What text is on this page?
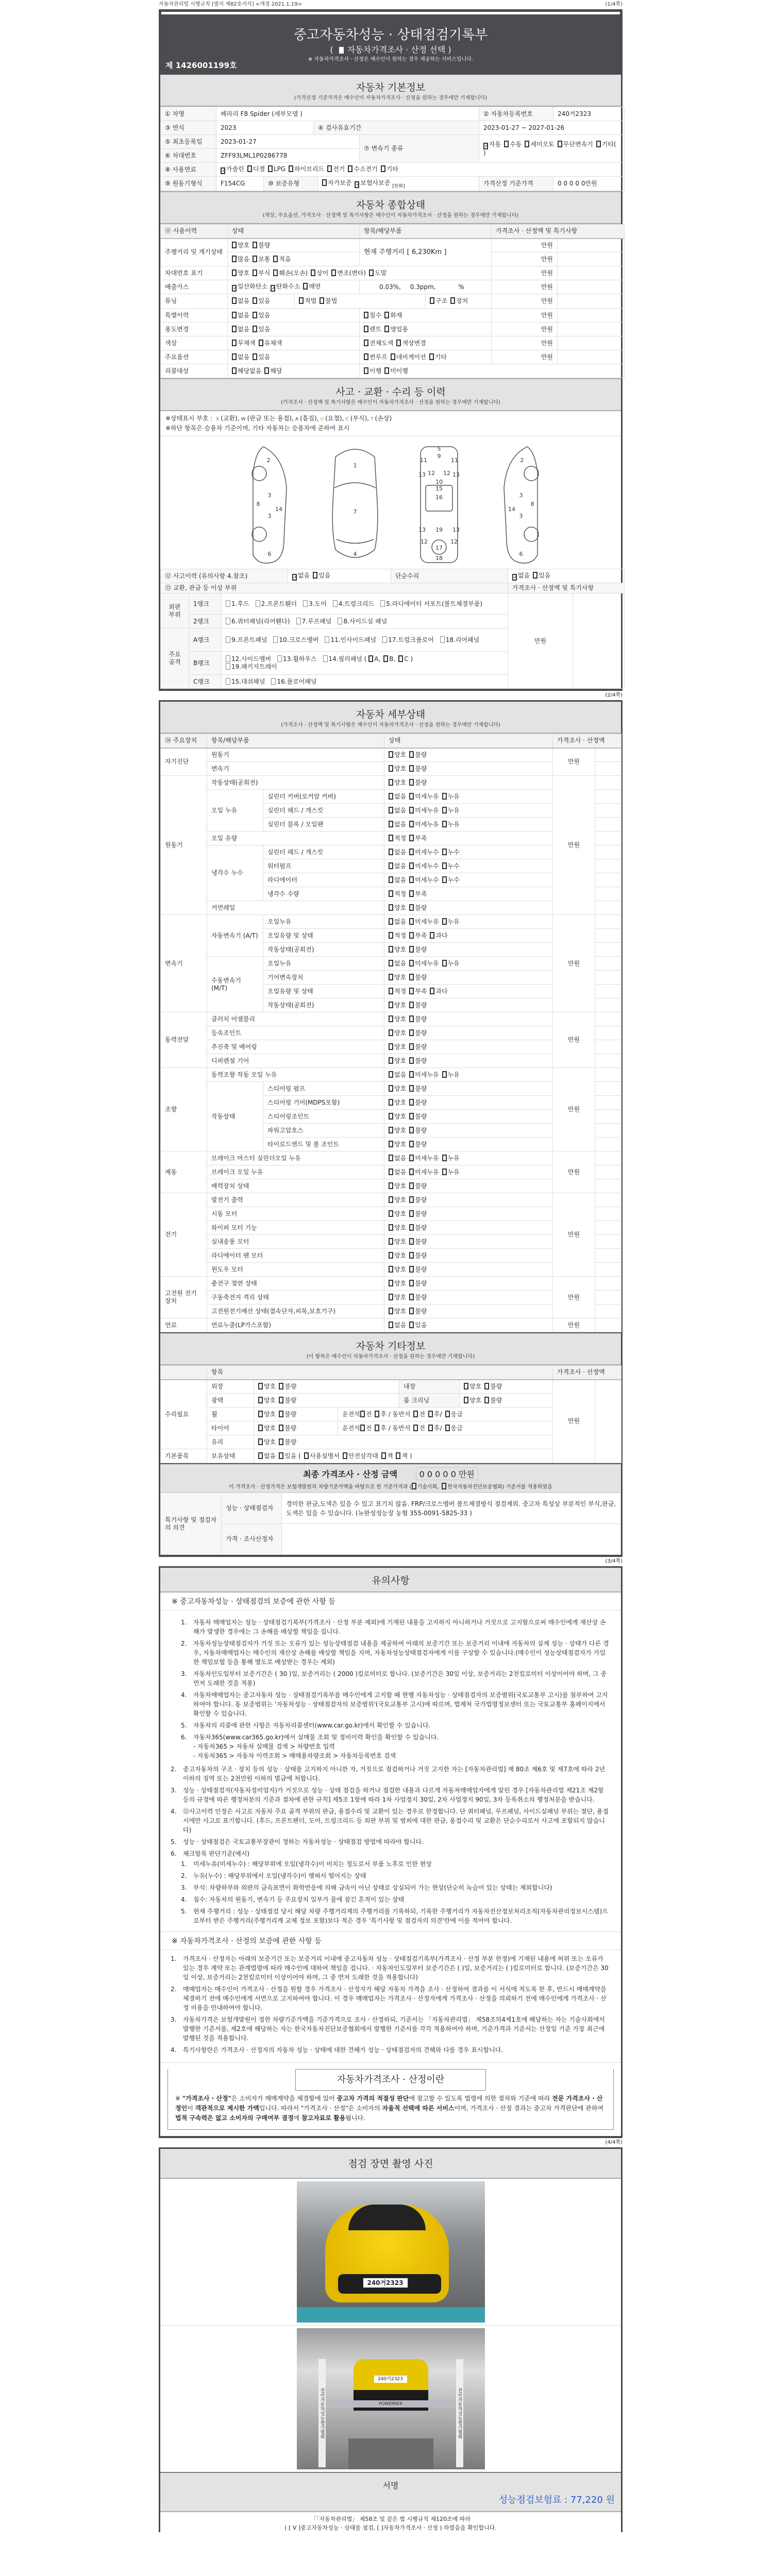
자동차관리법 시행규칙 [별지 제82호서식] <개정 2021.1.19>	(1/4쪽)
중고자동차성능 · 상태점검기록부
( 자동차가격조사 · 산정 선택 )
※ 자동차가격조사 · 산정은 매수인이 원하는 경우 제공하는 서비스입니다.
제 1426001199호
자동차 기본정보
(가격산정 기준가격은 매수인이 자동차가격조사 · 산정을 원하는 경우에만 기재합니다)
① 차명	페라리 F8 Spider (세부모델 )			② 자동차등록번호	240거2323
③ 연식	2023	④ 검사유효기간		2023-01-27 ~ 2027-01-26	
⑤ 최초등록일	2023-01-27		⑦ 변속기 종류	✓자동 수동 세미오토 무단변속기 기타( )	
⑥ 차대번호	ZFF93LML1P0286778				
⑧ 사용연료	✓가솔린 디젤 LPG 하이브리드 전기 수소전기 기타				
⑨ 원동기형식	F154CG ⑩ 보증유형 자가보증 ✓보험사보증 [한화]			가격산정 기준가격	0 0 0 0 0만원
자동차 종합상태
(색상, 주요옵션, 가격조사 · 산정액 및 특기사항은 매수인이 자동차가격조사 · 산정을 원하는 경우에만 기재합니다)
⑪ 사용이력	상태		항목/해당부품	가격조사 · 산정액 및 특기사항	
주행거리 및 계기상태	양호 불량		현재 주행거리 [ 6,230Km ]	만원	
	많음 보통 적음			만원	
차대번호 표기	양호 부식 훼손(오손) 상이 변조(변타) 도말			만원	
배출가스	✓일산화탄소 ✓탄화수소 매연		0.03%, 0.3ppm, %	만원	
튜닝	없음 있음	적법 불법 구조 장치		만원	
특별이력	없음 있음		침수 화재	만원	
용도변경	없음 있음		렌트 영업용	만원	
색상	무채색 유채색		전체도색 색상변경	만원	
주요옵션	없음 있음		썬루프 네비게이션 기타	만원	
리콜대상	해당없음 해당		이행 미이행		
사고 · 교환 · 수리 등 이력
(가격조사 · 산정액 및 특기사항은 매수인이 자동차가격조사 · 산정을 원하는 경우에만 기재합니다)
※상태표시 부호 : X (교환), W (판금 또는 용접), A (흠집), U (요철), C (부식), T (손상)
※하단 항목은 승용차 기준이며, 기타 자동차는 승용차에 준하여 표시
2
8
3
3
6
14
1
7
4
5
9
11	11
13	13
12 12
10
15
16
13	13
19
12	12
17
18
2
8
3
3
6
14
⑫ 사고이력 (유의사항 4.참조)			✓없음 있음	단순수리	✓없음 있음	
⑬ 교환, 판금 등 이상 부위					가격조사 · 산정액 및 특기사항	
외판 부위	1랭크	1.후드 2.프론트휀더 3.도어 4.트렁크리드 5.라디에이터 서포트(볼트체결부품)			만원	
	2랭크	6.쿼터패널(리어휀다) 7.루프패널 8.사이드실 패널				
주요 골격	A랭크	9.프론트패널 10.크로스멤버 11.인사이드패널 17.트렁크플로어 18.리어패널				
	B랭크	12.사이드멤버 13.휠하우스 14.필러패널 ( A, B, C )
19.패키지트레이				
	C랭크	15.대쉬패널 16.플로어패널				
(2/4쪽)
자동차 세부상태
(가격조사 · 산정액 및 특기사항은 매수인이 자동차가격조사 · 산정을 원하는 경우에만 기재합니다)
⑭ 주요장치	항목/해당부품		상태	가격조사 · 산정액	
자기진단	원동기		양호 불량	만원	
	변속기		양호 불량		
원동기	작동상태(공회전)		양호 불량	만원	
	오일 누유	실린더 커버(로커암 커버)	없음 미세누유 누유		
		실린더 헤드 / 개스킷	없음 미세누유 누유		
		실린더 블록 / 오일팬	없음 미세누유 누유		
	오일 유량		적정 부족		
	냉각수 누수	실린더 헤드 / 개스킷	없음 미세누수 누수		
		워터펌프	없음 미세누수 누수		
		라디에이터	없음 미세누수 누수		
		냉각수 수량	적정 부족		
	커먼레일		양호 불량		
변속기	자동변속기 (A/T)	오일누유	없음 미세누유 누유	만원	
		오일유량 및 상태	적정 부족 과다		
		작동상태(공회전)	양호 불량		
	수동변속기 (M/T)	오일누유	없음 미세누유 누유		
		기어변속장치	양호 불량		
		오일유량 및 상태	적정 부족 과다		
		작동상태(공회전)	양호 불량		
동력전달	클러치 어셈블리		양호 불량	만원	
	등속조인트		양호 불량		
	추진축 및 베어링		양호 불량		
	디퍼렌셜 기어		양호 불량		
조향	동력조향 작동 오일 누유		없음 미세누유 누유	만원	
	작동상태	스티어링 펌프	양호 불량		
		스티어링 기어(MDPS포함)	양호 불량		
		스티어링조인트	양호 불량		
		파워고압호스	양호 불량		
		타이로드엔드 및 볼 조인트	양호 불량		
제동	브레이크 마스터 실린더오일 누유		없음 미세누유 누유	만원	
	브레이크 오일 누유		없음 미세누유 누유		
	배력장치 상태		양호 불량		
전기	발전기 출력		양호 불량	만원	
	시동 모터		양호 불량		
	와이퍼 모터 기능		양호 불량		
	실내송풍 모터		양호 불량		
	라디에이터 팬 모터		양호 불량		
	윈도우 모터		양호 불량		
고전원 전기장치	충전구 절연 상태		양호 불량	만원	
	구동축전지 격리 상태		양호 불량		
	고전원전기배선 상태(접속단자,피복,보호기구)		양호 불량		
연료	연료누출(LP가스포함)		없음 있음	만원	
자동차 기타정보
(이 항목은 매수인이 자동차가격조사 · 산정을 원하는 경우에만 기재합니다)
	항목					가격조사 · 산정액	
수리필요	외장	양호 불량		내장	양호 불량	만원	
	광택	양호 불량		룸 크리닝	양호 불량		
	휠	양호 불량	운전석 전 후 / 동반석 전 후/ 응급				
	타이어	양호 불량	운전석 전 후 / 동반석 전 후/ 응급				
	유리	양호 불량					
기본품목	보유상태	없음 있음 ( 사용설명서 안전삼각대 잭 잭 )					
최종 가격조사 · 산정 금액	0 0 0 0 0 만원
이 가격조사 · 산정가격은 보험개발원의 차량기준가액을 바탕으로 한 기준가격과 ( 기술사회, 한국자동차진단보증협회) 기준서를 적용하였음
특기사항 및 점검자의 의견	성능 · 상태점검자	경미한 판금,도색은 있을 수 있고 표기치 않음. FRP/크로스멤버 볼트체결방식 점검제외. 중고차 특성상 부분적인 부식,판금,도색은 있을 수 있습니다. (뉴완성성능장 농협 355-0091-5825-33 )
	가격 · 조사산정자	
(3/4쪽)
유의사항
※ 중고자동차성능 · 상태점검의 보증에 관한 사항 등
1.	자동차 매매업자는 성능 · 상태점검기록부(가격조사 · 산정 부분 제외)에 기재된 내용을 고지하지 아니하거나 거짓으로 고지함으로써 매수인에게 재산상 손해가 발생한 경우에는 그 손해를 배상할 책임을 집니다.
2.	자동차성능상태점검자가 거짓 또는 오류가 있는 성능상태점검 내용을 제공하여 아래의 보증기간 또는 보증거리 이내에 자동차의 실제 성능 · 상태가 다른 경우, 자동차매매업자는 매수인의 재산상 손해를 배상할 책임을 지며, 자동차성능상태점검자에게 이를 구상할 수 있습니다.(매수인이 성능상태점검자가 가입한 책임보험 등을 통해 별도로 배상받는 경우는 제외)
3.	자동차인도일부터 보증기간은 ( 30 )일, 보증거리는 ( 2000 )킬로미터로 합니다. (보증기간은 30일 이상, 보증거리는 2천킬로미터 이상이어야 하며, 그 중 먼저 도래한 것을 적용)
4.	자동차매매업자는 중고자동차 성능 · 상태점검기록부를 매수인에게 고지할 때 현행 자동차성능 · 상태점검자의 보증범위(국토교통부 고시)를 첨부하여 고지하여야 합니다. 동 보증범위는 '자동차성능 · 상태점검자의 보증범위'(국토교통부 고시)에 따르며, 법제처 국가법령정보센터 또는 국토교통부 홈페이지에서 확인할 수 있습니다.
5.	자동차의 리콜에 관한 사항은 자동차리콜센터(www.car.go.kr)에서 확인할 수 있습니다.
6.	자동차365(www.car365.go.kr)에서 실매물 조회 및 정비이력 확인을 확인할 수 있습니다.
- 자동차365 > 자동차 실매물 검색 > 차량번호 입력
- 자동차365 > 자동차 이력조회 > 매매용차량조회 > 자동차등록번호 검색
2.	중고자동차의 구조 · 장치 등의 성능 · 상태를 고지하지 아니한 자, 거짓으로 점검하거나 거짓 고지한 자는 [자동차관리법] 제 80조 제6호 및 제7호에 따라 2년 이하의 징역 또는 2천만원 이하의 벌금에 처합니다.
3.	성능 · 상태점검자(자동차정비업자)가 거짓으로 성능 · 상태 점검을 하거나 점검한 내용과 다르게 자동차매매업자에게 알린 경우 [자동차관리법 제21조 제2항 등의 규정에 따른 행정처분의 기준과 절차에 관한 규칙] 제5조 1항에 따라 1차 사업정지 30일, 2차 사업정지 90일, 3차 등록취소의 행정처분을 받습니다.
4.	⑫사고이력 인정은 사고로 자동차 주요 골격 부위의 판금, 용접수리 및 교환이 있는 경우로 한정합니다. 단 쿼터패널, 루프패널, 사이드실패널 부위는 절단, 용접 시에만 사고로 표기합니다. (후드, 프론트펜더, 도어, 트렁크리드 등 외판 부위 및 범퍼에 대한 판금, 용접수리 및 교환은 단순수리로서 사고에 포함되지 않습니다)
5.	성능 · 상태점검은 국토교통부장관이 정하는 자동차성능 · 상태점검 방법에 따라야 합니다.
6.	체크항목 판단기준(예시)
1.	미세누유(미세누수) : 해당부위에 오일(냉각수)이 비치는 정도로서 부품 노후로 인한 현상
2.	누유(누수) : 해당부위에서 오일(냉각수)이 맺혀서 떨어지는 상태
3.	부식: 차량하부와 외판의 금속표면이 화학반응에 의해 금속이 아닌 상태로 상실되어 가는 현상(단순히 녹슬어 있는 상태는 제외합니다)
4.	침수: 자동차의 원동기, 변속기 등 주요장치 일부가 물에 잠긴 흔적이 있는 상태
5.	현재 주행거리 : 성능 · 상태점검 당시 해당 차량 주행거리계의 주행거리를 기록하되, 기록한 주행거리가 자동차전산정보처리조직(자동차관리정보시스템)으로부터 받은 주행거리(주행거리계 교체 정보 포함)보다 적은 경우 '특기사항 및 점검자의 의견'란에 이를 적어야 합니다.
※ 자동차가격조사 · 산정의 보증에 관한 사항 등
1.	가격조사 · 산정자는 아래의 보증기간 또는 보증거리 이내에 중고자동차 성능 · 상태점검기록부(가격조사 · 산정 부분 한정)에 기재된 내용에 허위 또는 오류가 있는 경우 계약 또는 관계법령에 따라 매수인에 대하여 책임을 집니다. · 자동차인도일부터 보증기간은 ( )일, 보증거리는 ( )킬로미터로 합니다. (보증기간은 30일 이상, 보증거리는 2천킬로미터 이상이어야 하며, 그 중 먼저 도래한 것을 적용합니다)
2.	매매업자는 매수인이 가격조사 · 산정을 원할 경우 가격조사 · 산정자가 해당 자동차 가격을 조사 · 산정하여 결과를 이 서식에 적도록 한 후, 반드시 매매계약을 체결하기 전에 매수인에게 서면으로 고지하여야 합니다. 이 경우 매매업자는 가격조사 · 산정자에게 가격조사 · 산정을 의뢰하기 전에 매수인에게 가격조사 · 산정 비용을 안내하여야 합니다.
3.	자동차가격은 보험개발원이 정한 차량기준가액을 기준가격으로 조사 · 산정하되, 기준서는 「자동차관리법」 제58조의4제1호에 해당하는 자는 기술사회에서 발행한 기준서를, 제2호에 해당하는 자는 한국자동차진단보증협회에서 발행한 기준서를 각각 적용하여야 하며, 기준가격과 기준서는 산정일 기준 가장 최근에 발행된 것을 적용합니다.
4.	특기사항란은 가격조사 · 산정자의 자동차 성능 · 상태에 대한 견해가 성능 · 상태점검자의 견해와 다를 경우 표시합니다.
자동차가격조사 · 산정이란
※ "가격조사 · 산정"은 소비자가 매매계약을 체결함에 있어 중고차 가격의 적절성 판단에 참고할 수 있도록 법령에 의한 절차와 기준에 따라 전문 가격조사 · 산정인이 객관적으로 제시한 가액입니다. 따라서 "가격조사 · 산정"은 소비자의 자율적 선택에 따른 서비스이며, 가격조사 · 산정 결과는 중고차 가격판단에 관하여 법적 구속력은 없고 소비자의 구매여부 결정에 참고자료로 활용됩니다.
(4/4쪽)
점검 장면 촬영 사진
240거2323
240거2323
POWERREX
전국자동차성능평가협회	전국자동차성능평가협회
서명
성능점검보험료 : 77,220 원
「「자동차관리법」 제58조 및 같은 법 시행규칙 제120조에 따라
( [ V ]중고자동차성능 · 상태를 점검, [ ]자동차가격조사 · 산정 ) 하였음을 확인합니다.
